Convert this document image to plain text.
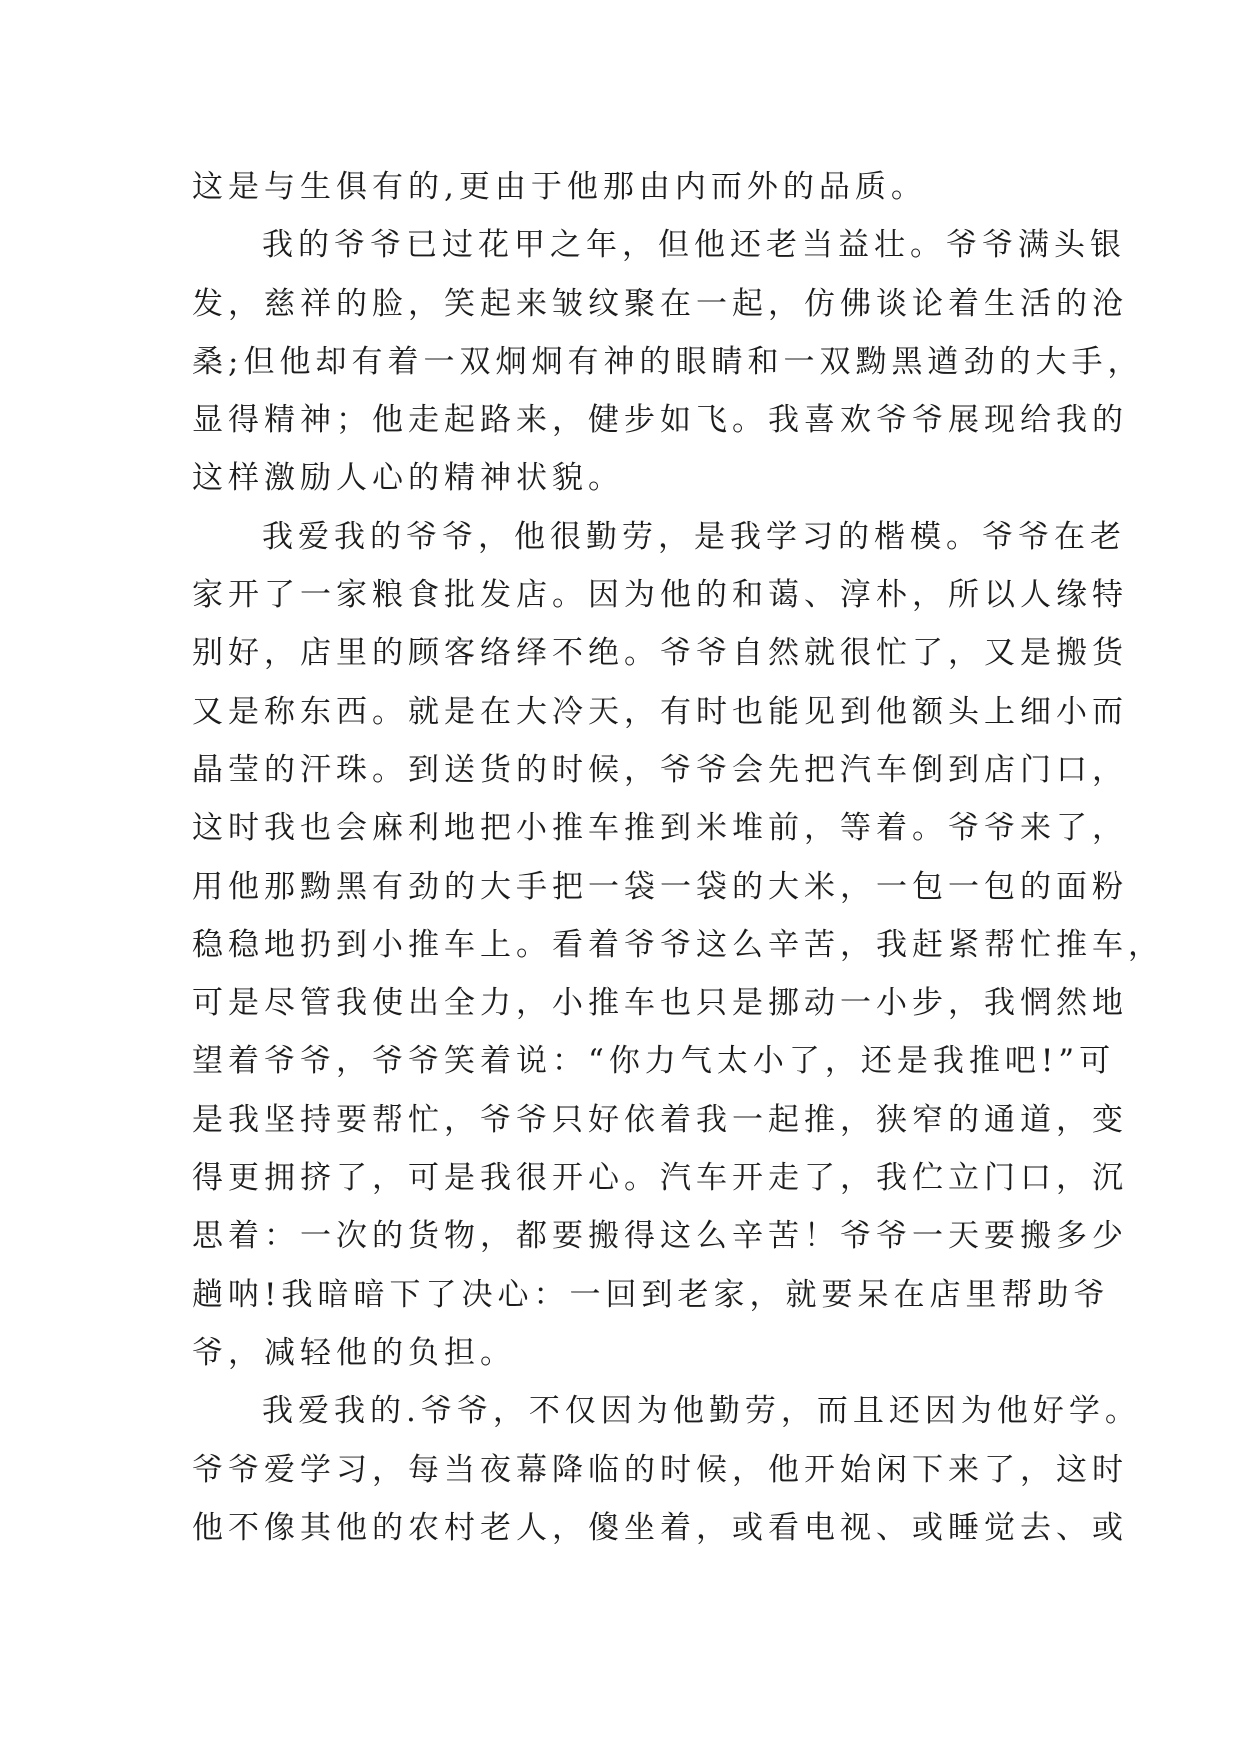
这是与生俱有的,更由于他那由内而外的品质。
我的爷爷已过花甲之年，但他还老当益壮。爷爷满头银
发，慈祥的脸，笑起来皱纹聚在一起，仿佛谈论着生活的沧
桑;但他却有着一双炯炯有神的眼睛和一双黝黑遒劲的大手，
显得精神；他走起路来，健步如飞。我喜欢爷爷展现给我的
这样激励人心的精神状貌。
我爱我的爷爷，他很勤劳，是我学习的楷模。爷爷在老
家开了一家粮食批发店。因为他的和蔼、淳朴，所以人缘特
别好，店里的顾客络绎不绝。爷爷自然就很忙了，又是搬货
又是称东西。就是在大冷天，有时也能见到他额头上细小而
晶莹的汗珠。到送货的时候，爷爷会先把汽车倒到店门口，
这时我也会麻利地把小推车推到米堆前，等着。爷爷来了，
用他那黝黑有劲的大手把一袋一袋的大米，一包一包的面粉
稳稳地扔到小推车上。看着爷爷这么辛苦，我赶紧帮忙推车，
可是尽管我使出全力，小推车也只是挪动一小步，我惘然地
望着爷爷，爷爷笑着说：“你力气太小了，还是我推吧!”可
是我坚持要帮忙，爷爷只好依着我一起推，狭窄的通道，变
得更拥挤了，可是我很开心。汽车开走了，我伫立门口，沉
思着：一次的货物，都要搬得这么辛苦！爷爷一天要搬多少
趟呐!我暗暗下了决心：一回到老家，就要呆在店里帮助爷
爷，减轻他的负担。
我爱我的.爷爷，不仅因为他勤劳，而且还因为他好学。
爷爷爱学习，每当夜幕降临的时候，他开始闲下来了，这时
他不像其他的农村老人，傻坐着，或看电视、或睡觉去、或
